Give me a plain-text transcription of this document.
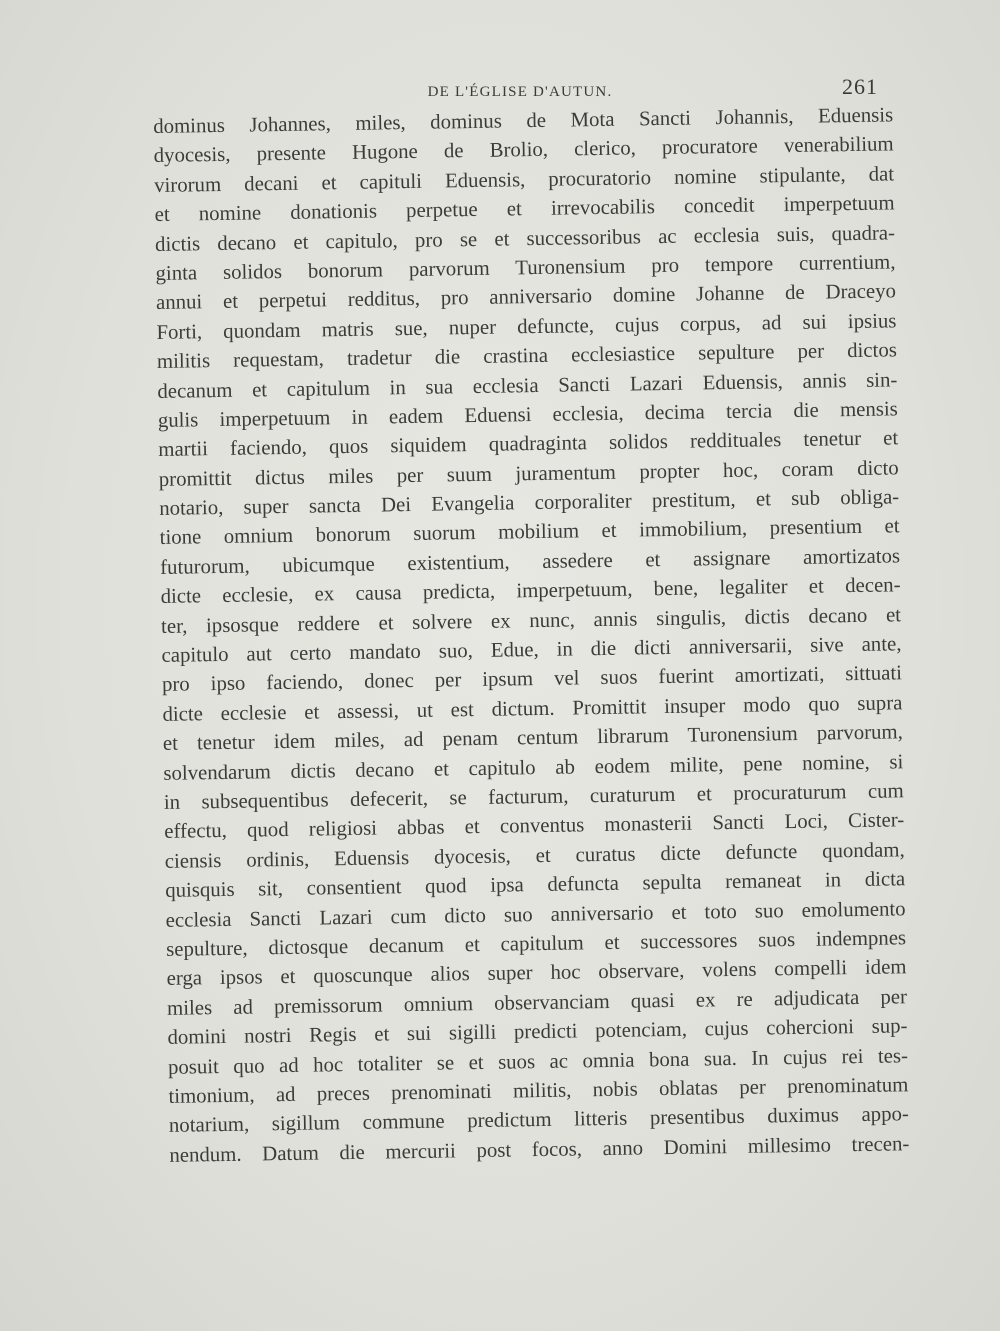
DE L'ÉGLISE D'AUTUN.	261
dominus Johannes, miles, dominus de Mota Sancti Johannis, Eduensis
dyocesis, presente Hugone de Brolio, clerico, procuratore venerabilium
virorum decani et capituli Eduensis, procuratorio nomine stipulante, dat
et nomine donationis perpetue et irrevocabilis concedit imperpetuum
dictis decano et capitulo, pro se et successoribus ac ecclesia suis, quadra-
ginta solidos bonorum parvorum Turonensium pro tempore currentium,
annui et perpetui redditus, pro anniversario domine Johanne de Draceyo
Forti, quondam matris sue, nuper defuncte, cujus corpus, ad sui ipsius
militis requestam, tradetur die crastina ecclesiastice sepulture per dictos
decanum et capitulum in sua ecclesia Sancti Lazari Eduensis, annis sin-
gulis imperpetuum in eadem Eduensi ecclesia, decima tercia die mensis
martii faciendo, quos siquidem quadraginta solidos reddituales tenetur et
promittit dictus miles per suum juramentum propter hoc, coram dicto
notario, super sancta Dei Evangelia corporaliter prestitum, et sub obliga-
tione omnium bonorum suorum mobilium et immobilium, presentium et
futurorum, ubicumque existentium, assedere et assignare amortizatos
dicte ecclesie, ex causa predicta, imperpetuum, bene, legaliter et decen-
ter, ipsosque reddere et solvere ex nunc, annis singulis, dictis decano et
capitulo aut certo mandato suo, Edue, in die dicti anniversarii, sive ante,
pro ipso faciendo, donec per ipsum vel suos fuerint amortizati, sittuati
dicte ecclesie et assessi, ut est dictum. Promittit insuper modo quo supra
et tenetur idem miles, ad penam centum librarum Turonensium parvorum,
solvendarum dictis decano et capitulo ab eodem milite, pene nomine, si
in subsequentibus defecerit, se facturum, curaturum et procuraturum cum
effectu, quod religiosi abbas et conventus monasterii Sancti Loci, Cister-
ciensis ordinis, Eduensis dyocesis, et curatus dicte defuncte quondam,
quisquis sit, consentient quod ipsa defuncta sepulta remaneat in dicta
ecclesia Sancti Lazari cum dicto suo anniversario et toto suo emolumento
sepulture, dictosque decanum et capitulum et successores suos indempnes
erga ipsos et quoscunque alios super hoc observare, volens compelli idem
miles ad premissorum omnium observanciam quasi ex re adjudicata per
domini nostri Regis et sui sigilli predicti potenciam, cujus cohercioni sup-
posuit quo ad hoc totaliter se et suos ac omnia bona sua. In cujus rei tes-
timonium, ad preces prenominati militis, nobis oblatas per prenominatum
notarium, sigillum commune predictum litteris presentibus duximus appo-
nendum. Datum die mercurii post focos, anno Domini millesimo trecen-
